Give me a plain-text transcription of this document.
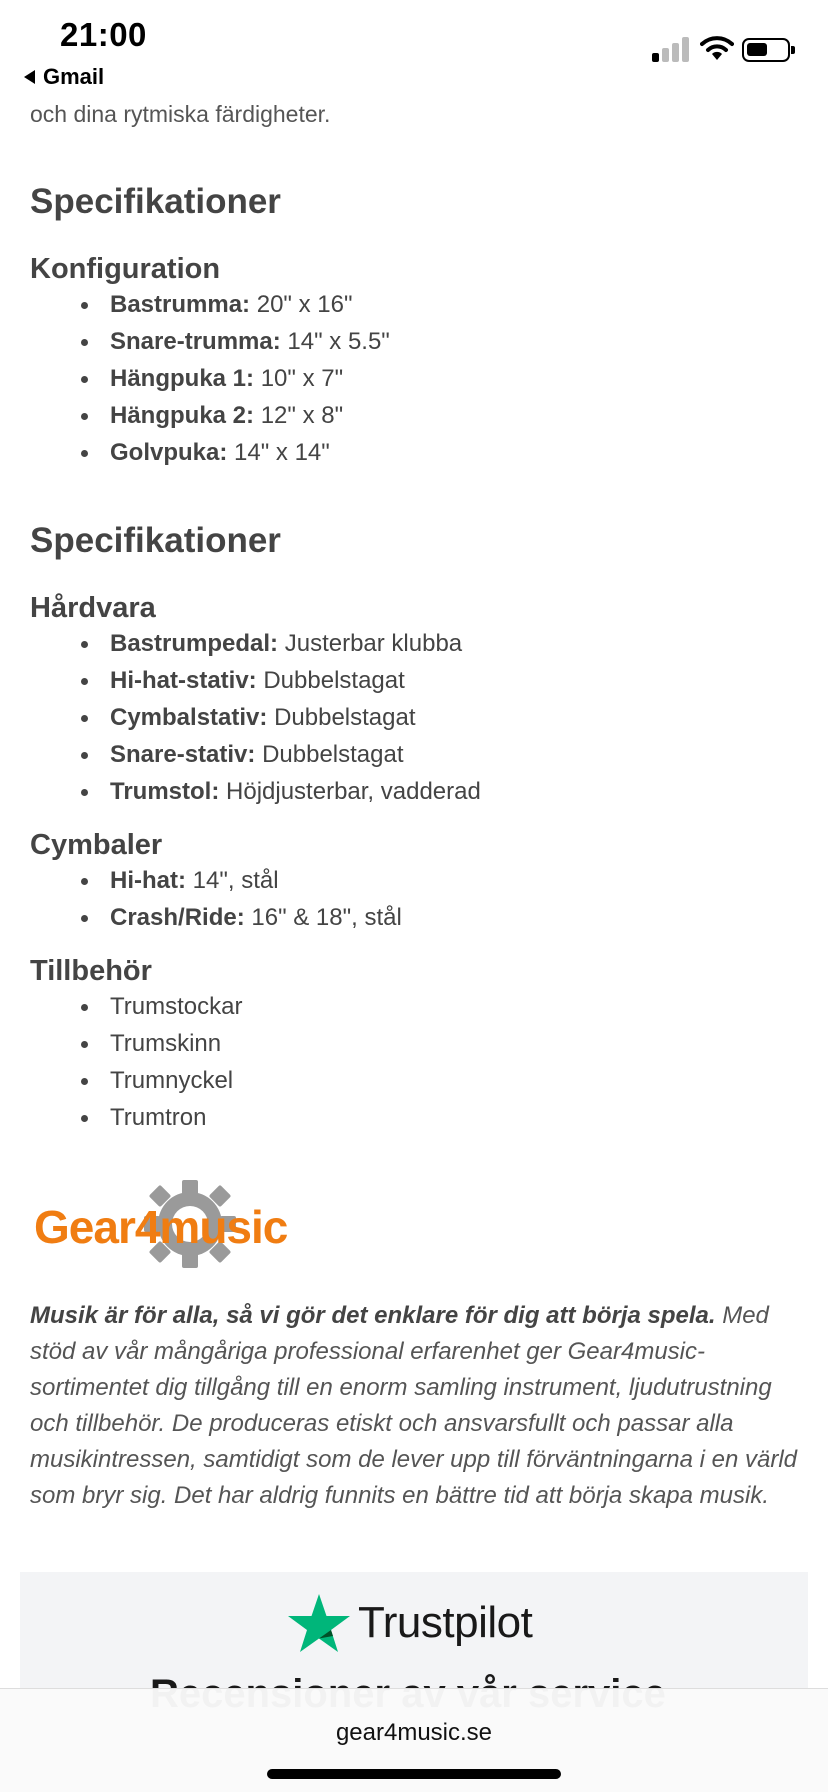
21:00
Gmail

och dina rytmiska färdigheter.

Specifikationer
Konfiguration
Bastrumma: 20" x 16"
Snare-trumma: 14" x 5.5"
Hängpuka 1: 10" x 7"
Hängpuka 2: 12" x 8"
Golvpuka: 14" x 14"
Specifikationer
Hårdvara
Bastrumpedal: Justerbar klubba
Hi-hat-stativ: Dubbelstagat
Cymbalstativ: Dubbelstagat
Snare-stativ: Dubbelstagat
Trumstol: Höjdjusterbar, vadderad
Cymbaler
Hi-hat: 14", stål
Crash/Ride: 16" & 18", stål
Tillbehör
Trumstockar
Trumskinn
Trumnyckel
Trumtron
Gear4music

Musik är för alla, så vi gör det enklare för dig att börja spela. Med stöd av vår mångåriga professional erfarenhet ger Gear4music-sortimentet dig tillgång till en enorm samling instrument, ljudutrustning och tillbehör. De produceras etiskt och ansvarsfullt och passar alla musikintressen, samtidigt som de lever upp till förväntningarna i en värld som bryr sig. Det har aldrig funnits en bättre tid att börja skapa musik.

Trustpilot
gear4music.se
